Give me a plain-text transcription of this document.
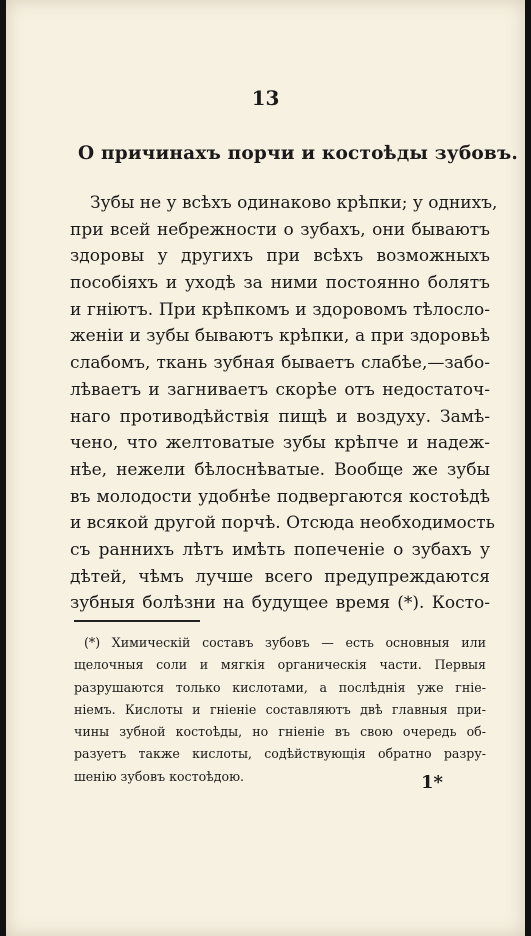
13
О причинахъ порчи и костоѣды зубовъ.
Зубы не у всѣхъ одинаково крѣпки; у однихъ,
при всей небрежности о зубахъ, они бываютъ
здоровы у другихъ при всѣхъ возможныхъ
пособіяхъ и уходѣ за ними постоянно болятъ
и гніютъ. При крѣпкомъ и здоровомъ тѣлосло-
женіи и зубы бываютъ крѣпки, а при здоровьѣ
слабомъ, ткань зубная бываетъ слабѣе,—забо-
лѣваетъ и загниваетъ скорѣе отъ недостаточ-
наго противодѣйствія пищѣ и воздуху. Замѣ-
чено, что желтоватые зубы крѣпче и надеж-
нѣе, нежели бѣлоснѣватые. Вообще же зубы
въ молодости удобнѣе подвергаются костоѣдѣ
и всякой другой порчѣ. Отсюда необходимость
съ раннихъ лѣтъ имѣть попеченіе о зубахъ у
дѣтей, чѣмъ лучше всего предупреждаются
зубныя болѣзни на будущее время (*). Косто-
(*) Химическій составъ зубовъ — есть основныя или
щелочныя соли и мягкія органическія части. Первыя
разрушаются только кислотами, а послѣднія уже гніе-
ніемъ. Кислоты и гніеніе составляютъ двѣ главныя при-
чины зубной костоѣды, но гніеніе въ свою очередь об-
разуетъ также кислоты, содѣйствующія обратно разру-
шенію зубовъ костоѣдою.	1*
